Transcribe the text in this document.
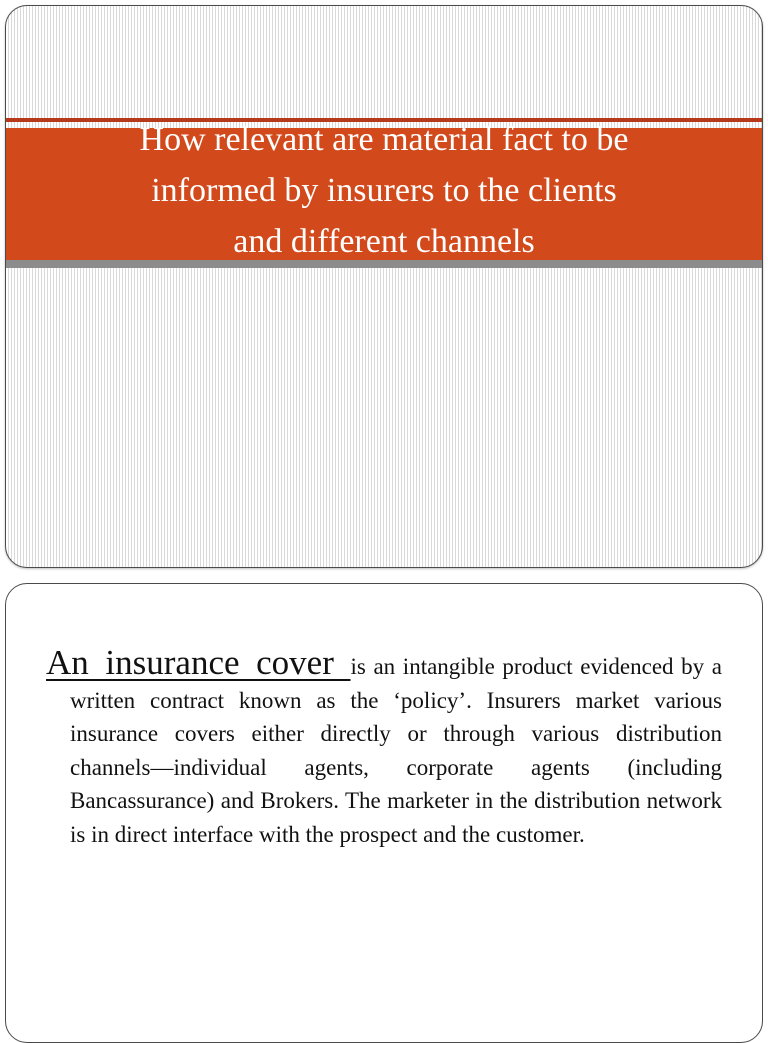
How relevant are material fact to be
informed by insurers to the clients
and different channels

An insurance cover is an intangible product evidenced by a written contract known as the ‘policy’. Insurers market various insurance covers either directly or through various distribution channels—individual agents, corporate agents (including Bancassurance) and Brokers. The marketer in the distribution network is in direct interface with the prospect and the customer.
